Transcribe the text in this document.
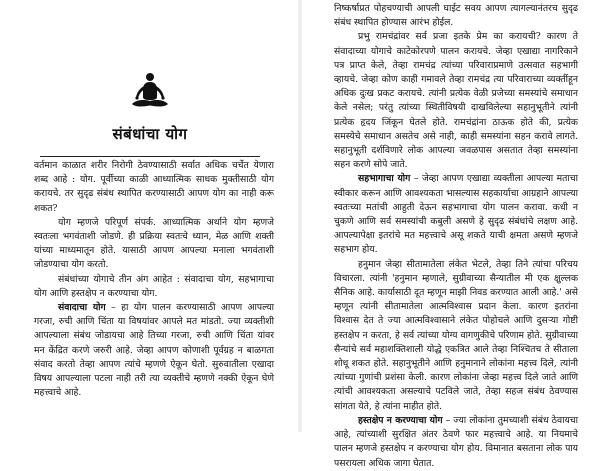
संबंधांचा योग

वर्तमान काळात शरीर निरोगी ठेवण्यासाठी सर्वात अधिक चर्चेत येणारा शब्द आहे : योग. पूर्वीच्या काळी आध्यात्मिक साधक मुक्तीसाठी योग करायचे. तर सुदृढ संबंध स्थापित करण्यासाठी आपण योग का नाही करू शकत?

योग म्हणजे परिपूर्ण संपर्क. आध्यात्मिक अर्थाने योग म्हणजे स्वतःला भगवंताशी जोडणे. ही प्रक्रिया स्वतःचे ध्यान, मेळ आणि शक्ती यांच्या माध्यमातून होते. यासाठी आपण आपल्या मनाला भगवंताशी जोडण्याचा योग करतो.

संबंधांच्या योगाचे तीन अंग आहेत : संवादाचा योग, सहभागाचा योग आणि हस्तक्षेप न करण्याचा योग.

संवादाचा योग – हा योग पालन करण्यासाठी आपण आपल्या गरजा, रुची आणि चिंता या विषयांवर आपले मत मांडतो. ज्या व्यक्तीशी आपल्याला संबंध जोडायचा आहे तिच्या गरजा, रुची आणि चिंता यांवर मन केंद्रित करणे जरुरी आहे. जेव्हा आपण कोणाशी पूर्वग्रह न बाळगता संवाद करतो तेव्हा आपण त्यांचे म्हणणे ऐकून घेतो. सुरुवातीला एखादा विषय आपल्याला पटला नाही तरी त्या व्यक्तीचे म्हणणे नक्की ऐकून घेणे महत्त्वाचे आहे.

निष्कर्षाप्रत पोहचण्याची आपली घाईट सवय आपण त्यागल्यानंतरच सुदृढ संबंध स्थापित होण्यास आरंभ होईल.

प्रभु रामचंद्रांवर सर्व प्रजा इतके प्रेम का करायची? कारण ते संवादाच्या योगाचे काटेकोरपणे पालन करायचे. जेव्हा एखाद्या नागरिकाने पत्र प्राप्त केले, तेव्हा रामचंद्र त्यांच्या परिवाराप्रमाणे उत्सवात सहभागी व्हायचे. जेव्हा कोण काही गमावले तेव्हा रामचंद्र त्या परिवाराच्या व्यक्तींहून अधिक दुःख प्रकट करायचे. त्यांनी प्रत्येक वेळी प्रजेच्या समस्यांचे समाधान केले नसेल; परंतु त्यांच्या स्थितीविषयी दाखविलेल्या सहानुभूतीने त्यांनी प्रत्येक हृदय जिंकून घेतले होते. रामचंद्रांना ठाऊक होते की, प्रत्येक समस्येचे समाधान असतेच असे नाही, काही समस्यांना सहन करावे लागते. सहानुभूती दर्शविणारे लोक आपल्या जवळपास असतात तेव्हा समस्यांना सहन करणे सोपे जाते.

सहभागाचा योग – जेव्हा आपण एखाद्या व्यक्तीला आपल्या मताचा स्वीकार करून आणि आवश्यकता भासल्यास सहकार्याचा आग्रहाने आपल्या स्वतःच्या मतांची आहुती देऊन सहभागाचा योग पालन करावा. कधी न चुकणे आणि सर्व समस्यांची कबुली असणे हे सुदृढ संबंधांचे लक्षण आहे. आपल्यापेक्षा इतरांचे मत महत्त्वाचे असू शकते याची क्षमता असणे म्हणजे सहभाग होय.

हनुमान जेव्हा सीतामातेला लंकेत भेटले, तेव्हा तिने त्यांचा परिचय विचारला. त्यांनी 'हनुमान म्हणाले, सुग्रीवाच्या सैन्यातील मी एक क्षुल्लक सैनिक आहे. कार्यासाठी दूत म्हणून माझी निवड करण्यात आली आहे.' असे म्हणून त्यांनी सीतामातेला आत्मविश्वास प्रदान केला. कारण इतरांना विश्वास देत ते ज्या आत्मविश्वासाने लंकेत पोहोचले आणि दुसऱ्या गोष्टी हस्तक्षेप न करता, हे सर्व त्यांच्या योग्य वागणुकीचे परिणाम होते. सुग्रीवाच्या सैन्यांचे सर्व महाशक्तिशाली योद्धे एकत्रित आले तेव्हा निश्चितच ते सीताला शोधू शकत होते. सहानुभूतीने आणि हनुमानाने लोकांना महत्त्व दिले, त्यांनी त्यांच्या गुणांची प्रशंसा केली. कारण लोकांना जेव्हा महत्त्व दिले जाते आणि त्यांची आवश्यकता असल्याचे पटविले जाते, तेव्हा सहज संबंध ठेवण्यास सांगता येते, हे त्यांना माहीत होते.

हस्तक्षेप न करण्याचा योग – ज्या लोकांना तुमच्याशी संबंध ठेवायचा आहे, त्यांच्याशी सुरक्षित अंतर ठेवणे फार महत्त्वाचे आहे. या नियमाचे पालन म्हणजे हस्तक्षेप न करण्याचा योग होय. विमानात बसताना लोक पाय पसरायला अधिक जागा घेतात.
